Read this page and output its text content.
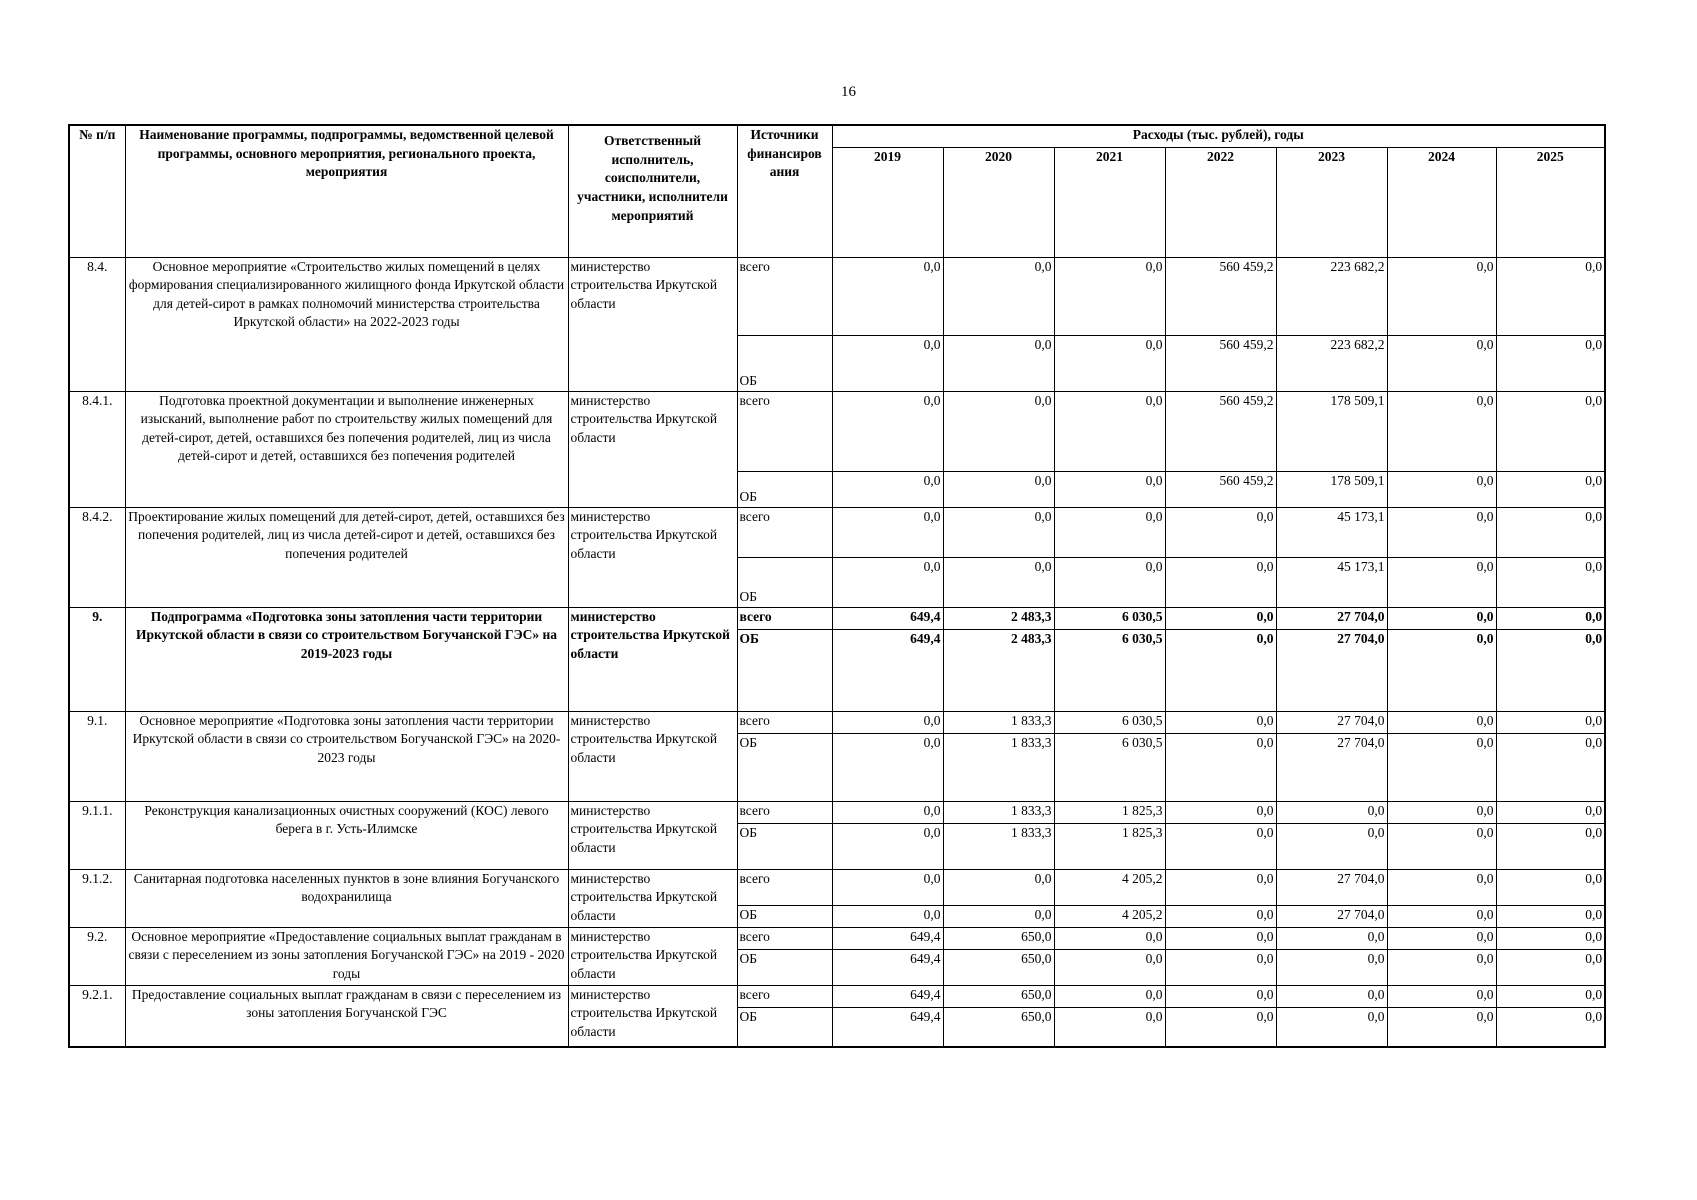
16
№ п/п	Наименование программы, подпрограммы, ведомственной целевой программы, основного мероприятия, регионального проекта, мероприятия	Ответственный исполнитель, соисполнители, участники, исполнители мероприятий	Источники финансиров ания	Расходы (тыс. рублей), годы						
				2019	2020	2021	2022	2023	2024	2025
8.4.	Основное мероприятие «Строительство жилых помещений в целях формирования специализированного жилищного фонда Иркутской области для детей-сирот в рамках полномочий министерства строительства Иркутской области» на 2022-2023 годы	министерство строительства Иркутской области	всего	0,0	0,0	0,0	560 459,2	223 682,2	0,0	0,0
			ОБ	0,0	0,0	0,0	560 459,2	223 682,2	0,0	0,0
8.4.1.	Подготовка проектной документации и выполнение инженерных изысканий, выполнение работ по строительству жилых помещений для детей-сирот, детей, оставшихся без попечения родителей, лиц из числа детей-сирот и детей, оставшихся без попечения родителей	министерство строительства Иркутской области	всего	0,0	0,0	0,0	560 459,2	178 509,1	0,0	0,0
			ОБ	0,0	0,0	0,0	560 459,2	178 509,1	0,0	0,0
8.4.2.	Проектирование жилых помещений для детей-сирот, детей, оставшихся без попечения родителей, лиц из числа детей-сирот и детей, оставшихся без попечения родителей	министерство строительства Иркутской области	всего	0,0	0,0	0,0	0,0	45 173,1	0,0	0,0
			ОБ	0,0	0,0	0,0	0,0	45 173,1	0,0	0,0
9.	Подпрограмма «Подготовка зоны затопления части территории Иркутской области в связи со строительством Богучанской ГЭС» на 2019-2023 годы	министерство строительства Иркутской области	всего	649,4	2 483,3	6 030,5	0,0	27 704,0	0,0	0,0
			ОБ	649,4	2 483,3	6 030,5	0,0	27 704,0	0,0	0,0
9.1.	Основное мероприятие «Подготовка зоны затопления части территории Иркутской области в связи со строительством Богучанской ГЭС» на 2020-2023 годы	министерство строительства Иркутской области	всего	0,0	1 833,3	6 030,5	0,0	27 704,0	0,0	0,0
			ОБ	0,0	1 833,3	6 030,5	0,0	27 704,0	0,0	0,0
9.1.1.	Реконструкция канализационных очистных сооружений (КОС) левого берега в г. Усть-Илимске	министерство строительства Иркутской области	всего	0,0	1 833,3	1 825,3	0,0	0,0	0,0	0,0
			ОБ	0,0	1 833,3	1 825,3	0,0	0,0	0,0	0,0
9.1.2.	Санитарная подготовка населенных пунктов в зоне влияния Богучанского водохранилища	министерство строительства Иркутской области	всего	0,0	0,0	4 205,2	0,0	27 704,0	0,0	0,0
			ОБ	0,0	0,0	4 205,2	0,0	27 704,0	0,0	0,0
9.2.	Основное мероприятие «Предоставление социальных выплат гражданам в связи с переселением из зоны затопления Богучанской ГЭС» на 2019 - 2020 годы	министерство строительства Иркутской области	всего	649,4	650,0	0,0	0,0	0,0	0,0	0,0
			ОБ	649,4	650,0	0,0	0,0	0,0	0,0	0,0
9.2.1.	Предоставление социальных выплат гражданам в связи с переселением из зоны затопления Богучанской ГЭС	министерство строительства Иркутской области	всего	649,4	650,0	0,0	0,0	0,0	0,0	0,0
			ОБ	649,4	650,0	0,0	0,0	0,0	0,0	0,0
